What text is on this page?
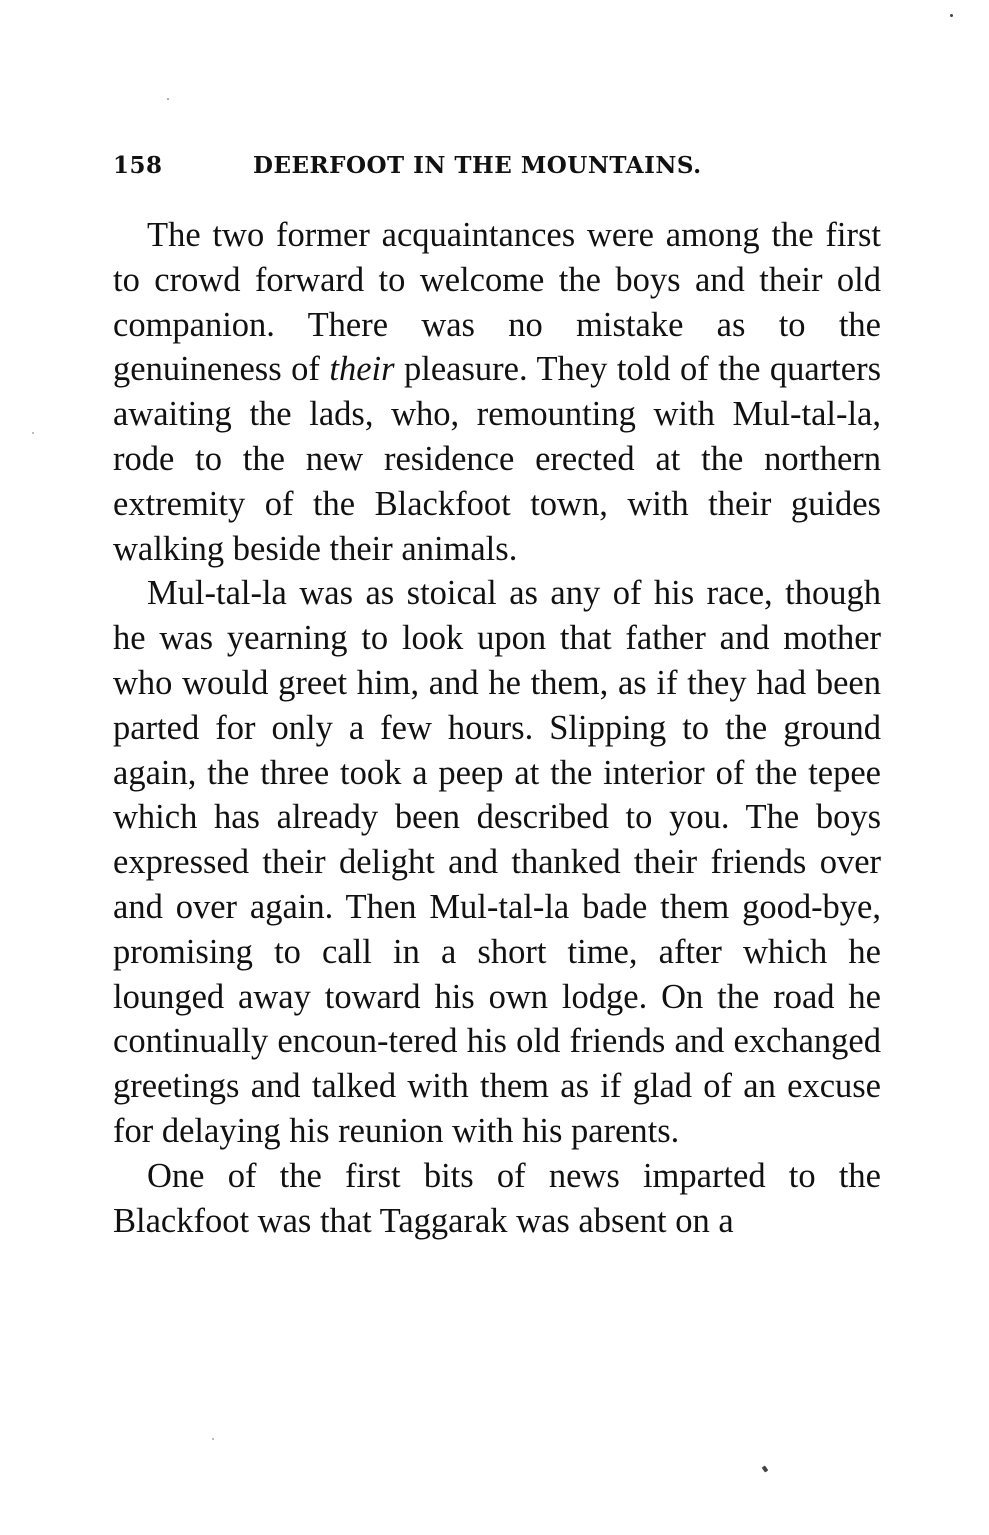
158	DEERFOOT IN THE MOUNTAINS.

The two former acquaintances were among the first to crowd forward to welcome the boys and their old companion. There was no mistake as to the genuineness of their pleasure. They told of the quarters awaiting the lads, who, remounting with Mul-tal-la, rode to the new residence erected at the northern extremity of the Blackfoot town, with their guides walking beside their animals.

Mul-tal-la was as stoical as any of his race, though he was yearning to look upon that father and mother who would greet him, and he them, as if they had been parted for only a few hours. Slipping to the ground again, the three took a peep at the interior of the tepee which has already been described to you. The boys expressed their delight and thanked their friends over and over again. Then Mul-tal-la bade them good-bye, promising to call in a short time, after which he lounged away toward his own lodge. On the road he continually encoun-tered his old friends and exchanged greetings and talked with them as if glad of an excuse for delaying his reunion with his parents.

One of the first bits of news imparted to the Blackfoot was that Taggarak was absent on a
